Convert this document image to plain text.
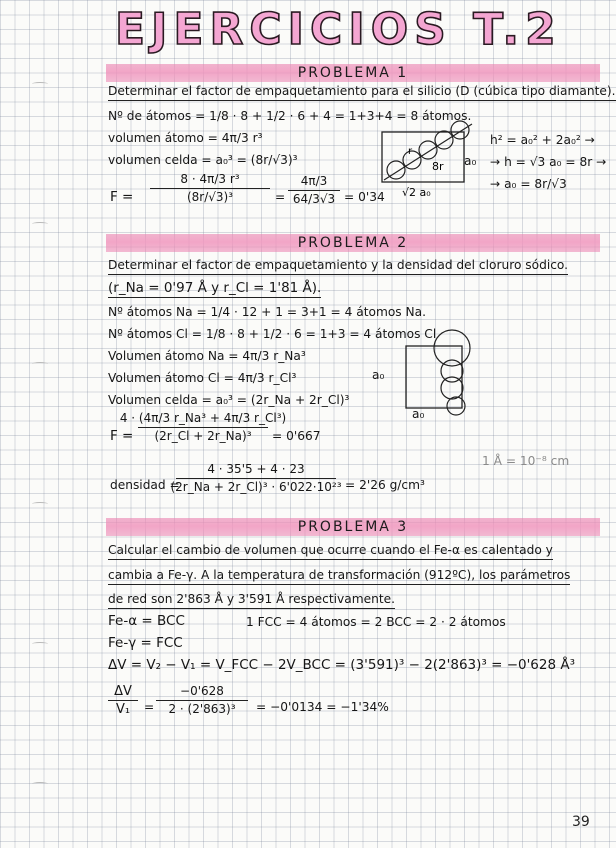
EJERCICIOS T.2
PROBLEMA 1
Determinar el factor de empaquetamiento para el silicio (D (cúbica tipo diamante).
Nº de átomos = 1/8 · 8 + 1/2 · 6 + 4 = 1+3+4 = 8 átomos.
volumen átomo = 4π/3 r³
volumen celda = a₀³ = (8r/√3)³
F =
8 · 4π/3 r³
(8r/√3)³	=
4π/3
64/3√3 = 0'34
r
8r
√2 a₀
a₀
h² = a₀² + 2a₀² →
→ h = √3 a₀ = 8r →
→ a₀ = 8r/√3
PROBLEMA 2
Determinar el factor de empaquetamiento y la densidad del cloruro sódico.
(r_Na = 0'97 Å y r_Cl = 1'81 Å).
Nº átomos Na = 1/4 · 12 + 1 = 3+1 = 4 átomos Na.
Nº átomos Cl = 1/8 · 8 + 1/2 · 6 = 1+3 = 4 átomos Cl
Volumen átomo Na = 4π/3 r_Na³
Volumen átomo Cl = 4π/3 r_Cl³
Volumen celda = a₀³ = (2r_Na + 2r_Cl)³
F =
4 · (4π/3 r_Na³ + 4π/3 r_Cl³)
(2r_Cl + 2r_Na)³ = 0'667
a₀
a₀
1 Å = 10⁻⁸ cm
densidad =
4 · 35'5 + 4 · 23
(2r_Na + 2r_Cl)³ · 6'022·10²³ = 2'26 g/cm³
PROBLEMA 3
Calcular el cambio de volumen que ocurre cuando el Fe-α es calentado y
cambia a Fe-γ. A la temperatura de transformación (912ºC), los parámetros
de red son 2'863 Å y 3'591 Å respectivamente.
Fe-α = BCC	1 FCC = 4 átomos = 2 BCC = 2 · 2 átomos
Fe-γ = FCC
ΔV = V₂ − V₁ = V_FCC − 2V_BCC = (3'591)³ − 2(2'863)³ = −0'628 Å³
ΔV
V₁ =
−0'628
2 · (2'863)³ = −0'0134 = −1'34%
39
